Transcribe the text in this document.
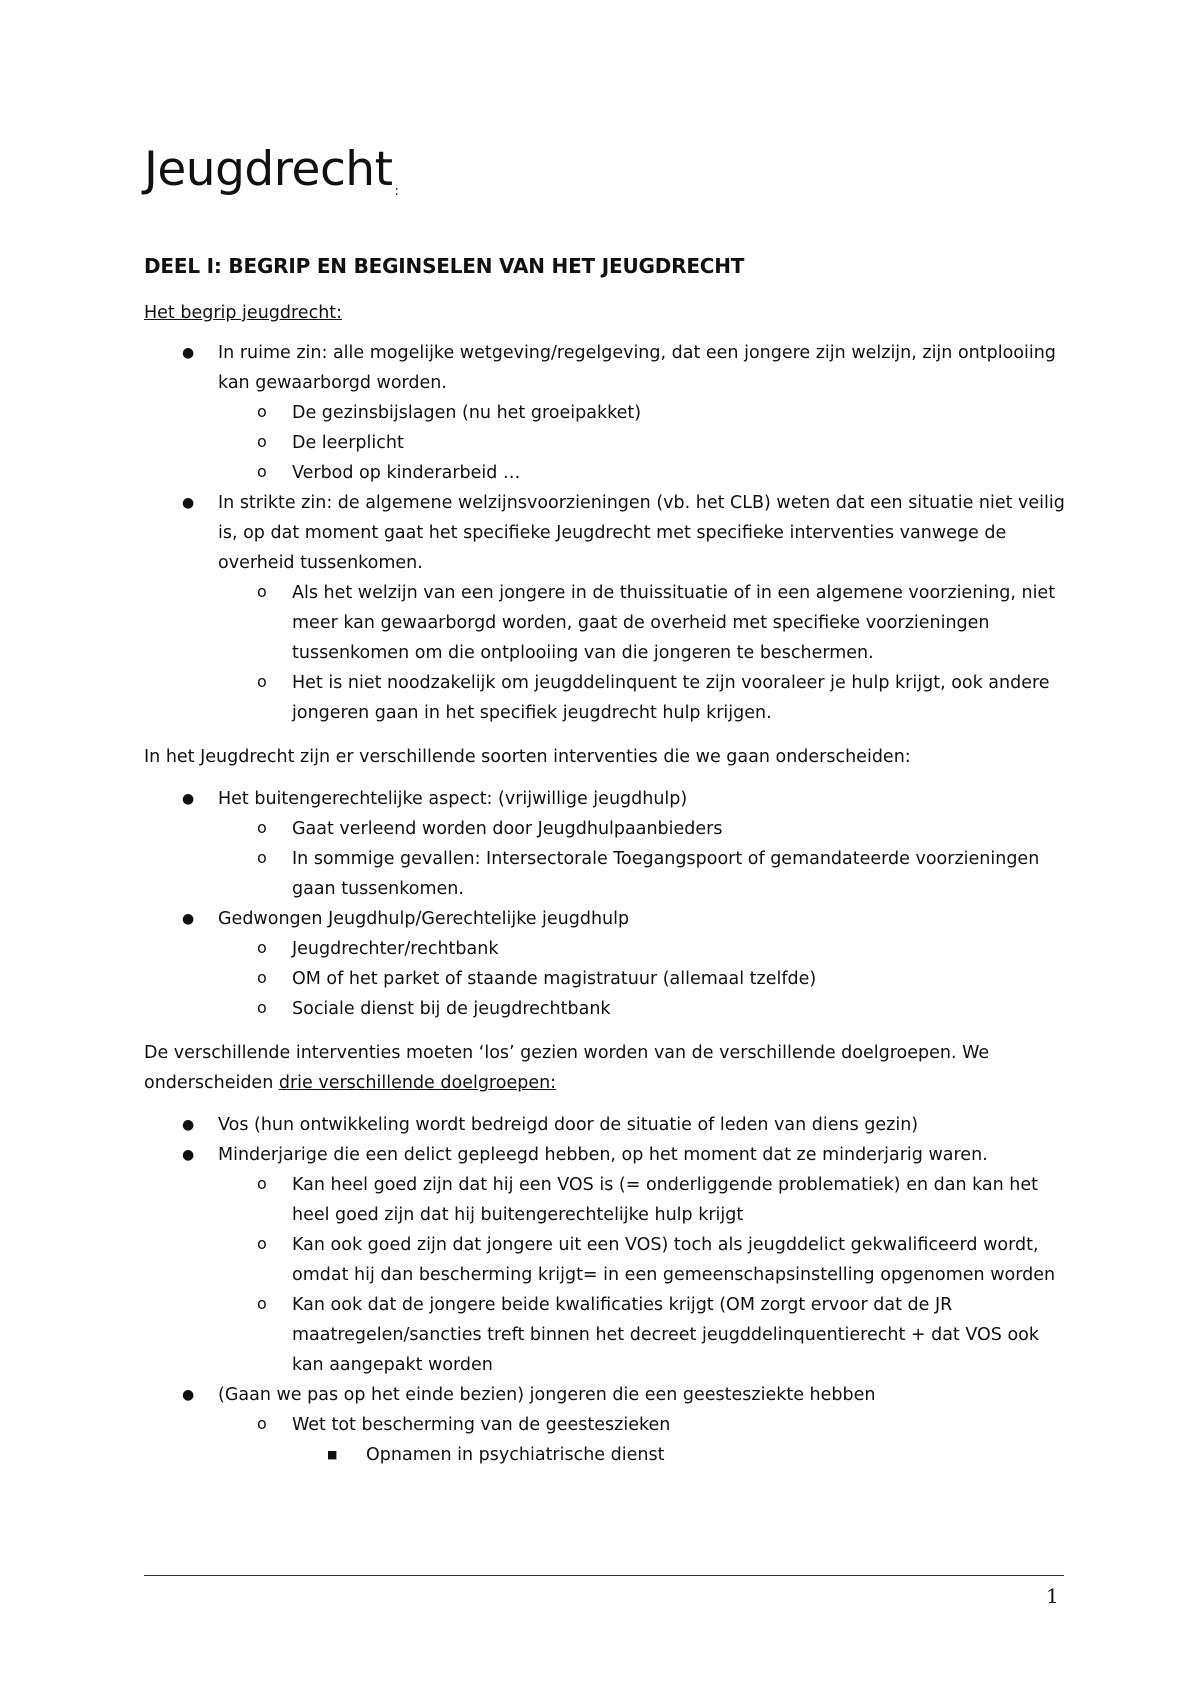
Jeugdrecht $_:$
DEEL I: BEGRIP EN BEGINSELEN VAN HET JEUGDRECHT
Het begrip jeugdrecht:
● In ruime zin: alle mogelijke wetgeving/regelgeving, dat een jongere zijn welzijn, zijn ontplooiing kan gewaarborgd worden.
o De gezinsbijslagen (nu het groeipakket)
o De leerplicht
o Verbod op kinderarbeid …
● In strikte zin: de algemene welzijnsvoorzieningen (vb. het CLB) weten dat een situatie niet veilig is, op dat moment gaat het specifieke Jeugdrecht met specifieke interventies vanwege de overheid tussenkomen.
o Als het welzijn van een jongere in de thuissituatie of in een algemene voorziening, niet meer kan gewaarborgd worden, gaat de overheid met specifieke voorzieningen tussenkomen om die ontplooiing van die jongeren te beschermen.
o Het is niet noodzakelijk om jeugddelinquent te zijn vooraleer je hulp krijgt, ook andere jongeren gaan in het specifiek jeugdrecht hulp krijgen.
In het Jeugdrecht zijn er verschillende soorten interventies die we gaan onderscheiden:
● Het buitengerechtelijke aspect: (vrijwillige jeugdhulp)
o Gaat verleend worden door Jeugdhulpaanbieders
o In sommige gevallen: Intersectorale Toegangspoort of gemandateerde voorzieningen gaan tussenkomen.
● Gedwongen Jeugdhulp/Gerechtelijke jeugdhulp
o Jeugdrechter/rechtbank
o OM of het parket of staande magistratuur (allemaal tzelfde)
o Sociale dienst bij de jeugdrechtbank
De verschillende interventies moeten ‘los’ gezien worden van de verschillende doelgroepen. We onderscheiden drie verschillende doelgroepen:
● Vos (hun ontwikkeling wordt bedreigd door de situatie of leden van diens gezin)
● Minderjarige die een delict gepleegd hebben, op het moment dat ze minderjarig waren.
o Kan heel goed zijn dat hij een VOS is (= onderliggende problematiek) en dan kan het heel goed zijn dat hij buitengerechtelijke hulp krijgt
o Kan ook goed zijn dat jongere uit een VOS) toch als jeugddelict gekwalificeerd wordt, omdat hij dan bescherming krijgt= in een gemeenschapsinstelling opgenomen worden
o Kan ook dat de jongere beide kwalificaties krijgt (OM zorgt ervoor dat de JR maatregelen/sancties treft binnen het decreet jeugddelinquentierecht + dat VOS ook kan aangepakt worden
● (Gaan we pas op het einde bezien) jongeren die een geestesziekte hebben
o Wet tot bescherming van de geesteszieken
■ Opnamen in psychiatrische dienst
1
